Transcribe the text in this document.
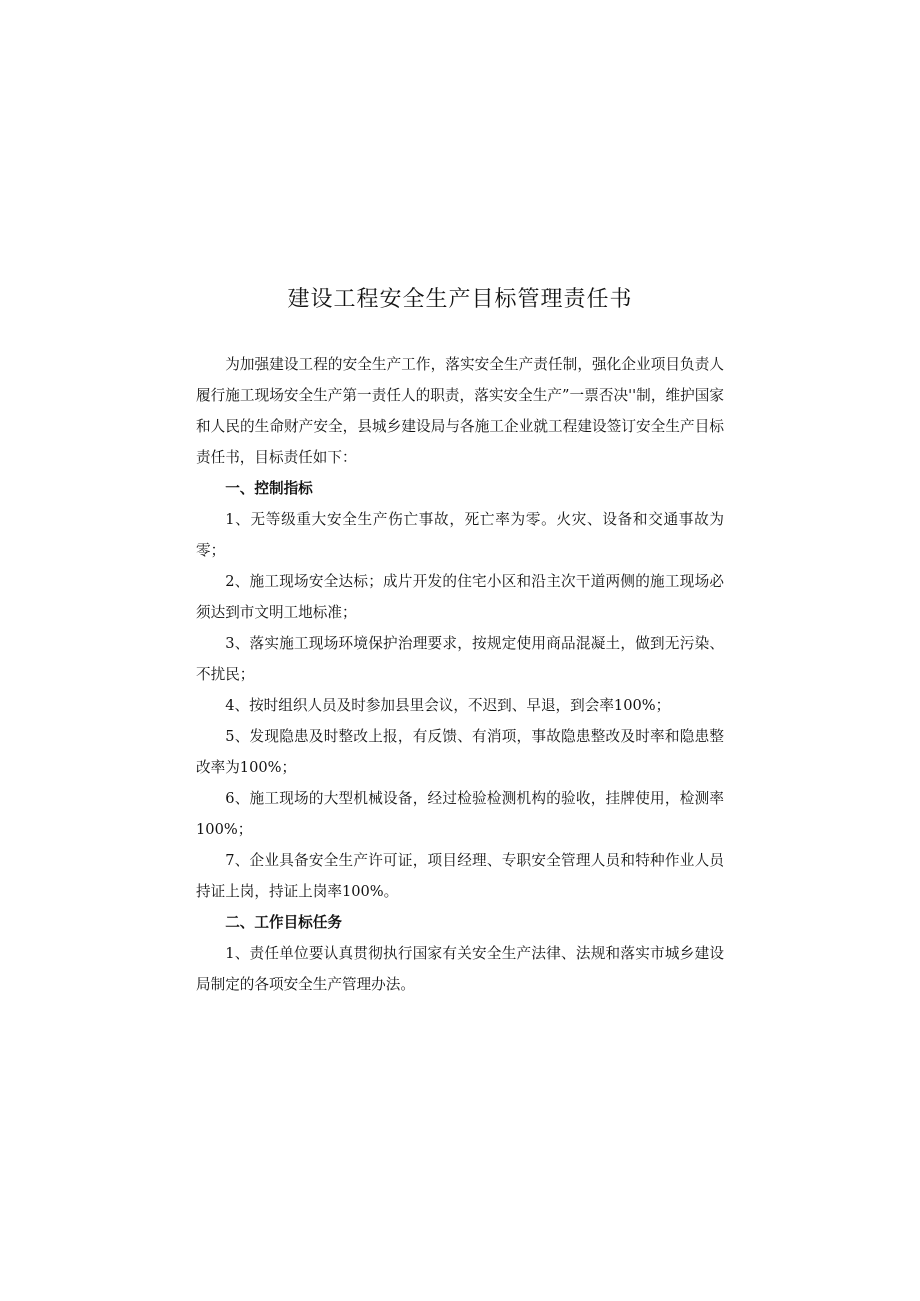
建设工程安全生产目标管理责任书

为加强建设工程的安全生产工作，落实安全生产责任制，强化企业项目负责人履行施工现场安全生产第一责任人的职责，落实安全生产”一票否决''制，维护国家和人民的生命财产安全，县城乡建设局与各施工企业就工程建设签订安全生产目标责任书，目标责任如下：

一、控制指标

1、无等级重大安全生产伤亡事故，死亡率为零。火灾、设备和交通事故为零；

2、施工现场安全达标；成片开发的住宅小区和沿主次干道两侧的施工现场必须达到市文明工地标准；

3、落实施工现场环境保护治理要求，按规定使用商品混凝土，做到无污染、不扰民；

4、按时组织人员及时参加县里会议，不迟到、早退，到会率100%；

5、发现隐患及时整改上报，有反馈、有消项，事故隐患整改及时率和隐患整改率为100%；

6、施工现场的大型机械设备，经过检验检测机构的验收，挂牌使用，检测率100%；

7、企业具备安全生产许可证，项目经理、专职安全管理人员和特种作业人员持证上岗，持证上岗率100%。

二、工作目标任务

1、责任单位要认真贯彻执行国家有关安全生产法律、法规和落实市城乡建设局制定的各项安全生产管理办法。
